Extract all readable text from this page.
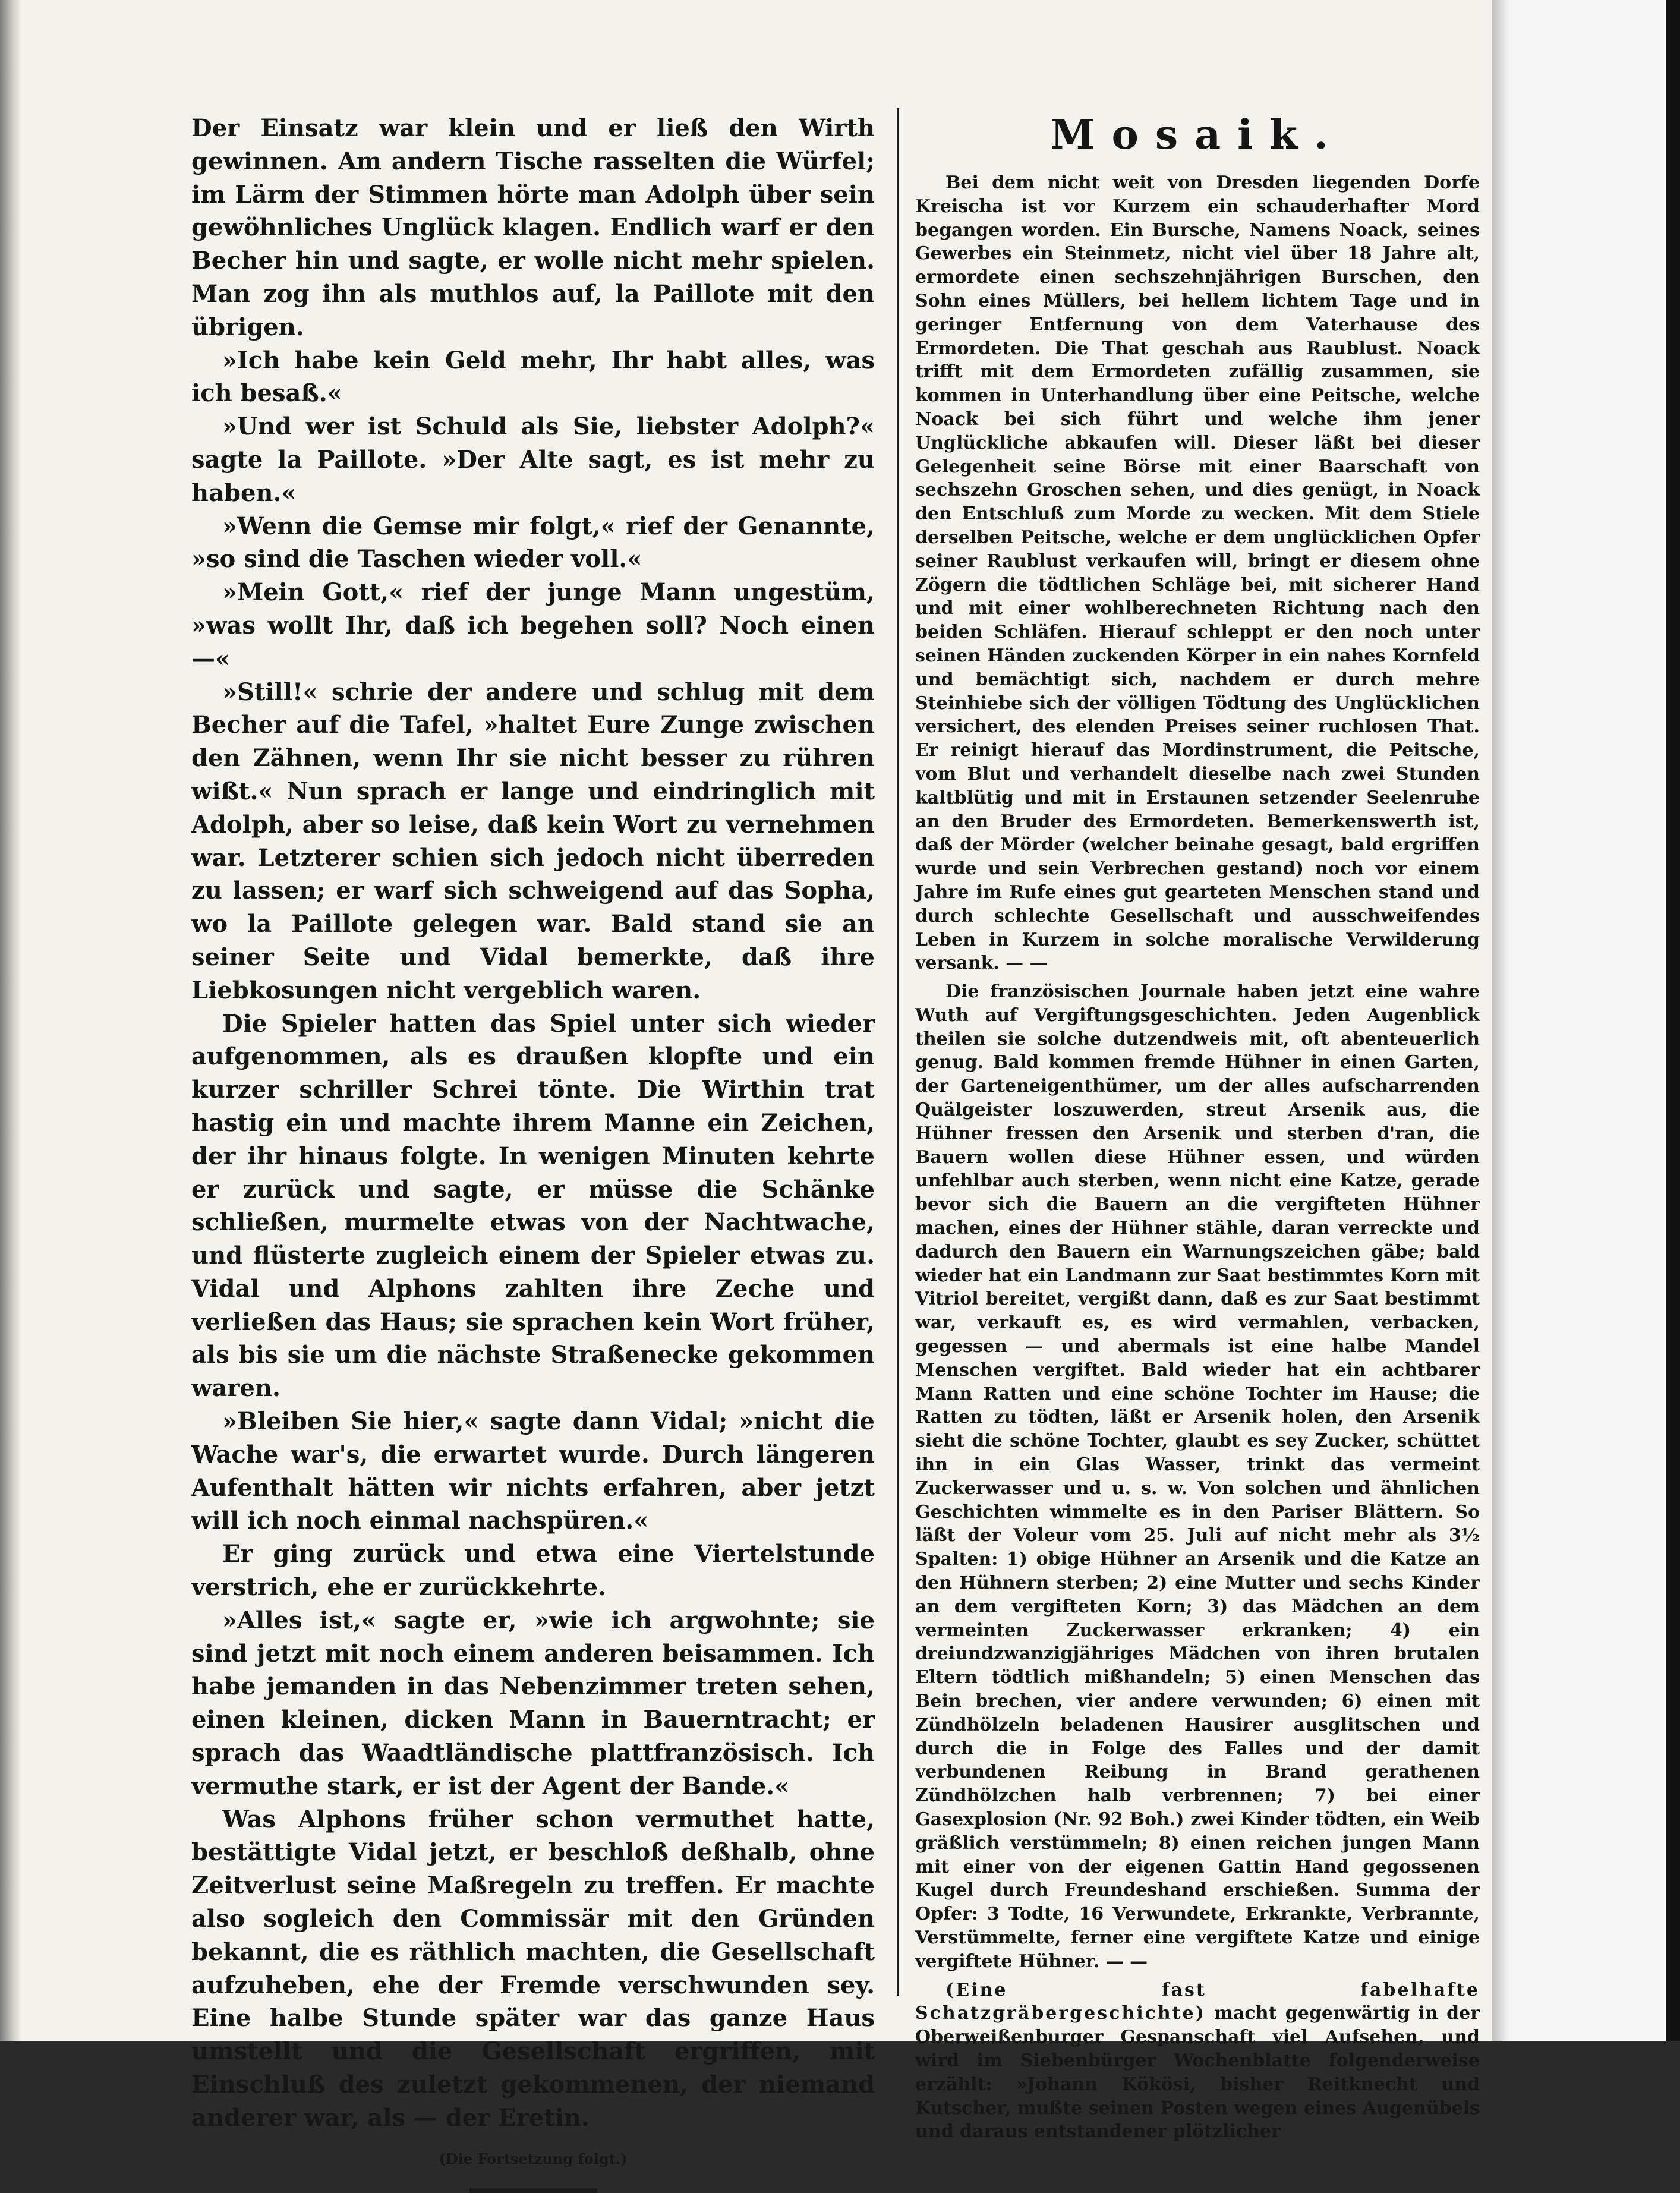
Der Einsatz war klein und er ließ den Wirth gewinnen. Am andern Tische rasselten die Würfel; im Lärm der Stimmen hörte man Adolph über sein gewöhnliches Unglück klagen. Endlich warf er den Becher hin und sagte, er wolle nicht mehr spielen. Man zog ihn als muthlos auf, la Paillote mit den übrigen.

»Ich habe kein Geld mehr, Ihr habt alles, was ich besaß.«

»Und wer ist Schuld als Sie, liebster Adolph?« sagte la Paillote. »Der Alte sagt, es ist mehr zu haben.«

»Wenn die Gemse mir folgt,« rief der Genannte, »so sind die Taschen wieder voll.«

»Mein Gott,« rief der junge Mann ungestüm, »was wollt Ihr, daß ich begehen soll? Noch einen —«

»Still!« schrie der andere und schlug mit dem Becher auf die Tafel, »haltet Eure Zunge zwischen den Zähnen, wenn Ihr sie nicht besser zu rühren wißt.« Nun sprach er lange und eindringlich mit Adolph, aber so leise, daß kein Wort zu vernehmen war. Letzterer schien sich jedoch nicht überreden zu lassen; er warf sich schweigend auf das Sopha, wo la Paillote gelegen war. Bald stand sie an seiner Seite und Vidal bemerkte, daß ihre Liebkosungen nicht vergeblich waren.

Die Spieler hatten das Spiel unter sich wieder aufgenommen, als es draußen klopfte und ein kurzer schriller Schrei tönte. Die Wirthin trat hastig ein und machte ihrem Manne ein Zeichen, der ihr hinaus folgte. In wenigen Minuten kehrte er zurück und sagte, er müsse die Schänke schließen, murmelte etwas von der Nachtwache, und flüsterte zugleich einem der Spieler etwas zu. Vidal und Alphons zahlten ihre Zeche und verließen das Haus; sie sprachen kein Wort früher, als bis sie um die nächste Straßenecke gekommen waren.

»Bleiben Sie hier,« sagte dann Vidal; »nicht die Wache war's, die erwartet wurde. Durch längeren Aufenthalt hätten wir nichts erfahren, aber jetzt will ich noch einmal nachspüren.«

Er ging zurück und etwa eine Viertelstunde verstrich, ehe er zurückkehrte.

»Alles ist,« sagte er, »wie ich argwohnte; sie sind jetzt mit noch einem anderen beisammen. Ich habe jemanden in das Nebenzimmer treten sehen, einen kleinen, dicken Mann in Bauerntracht; er sprach das Waadtländische plattfranzösisch. Ich vermuthe stark, er ist der Agent der Bande.«

Was Alphons früher schon vermuthet hatte, bestättigte Vidal jetzt, er beschloß deßhalb, ohne Zeitverlust seine Maßregeln zu treffen. Er machte also sogleich den Commissär mit den Gründen bekannt, die es räthlich machten, die Gesellschaft aufzuheben, ehe der Fremde verschwunden sey. Eine halbe Stunde später war das ganze Haus umstellt und die Gesellschaft ergriffen, mit Einschluß des zuletzt gekommenen, der niemand anderer war, als — der Eretin.

(Die Fortsetzung folgt.)

Mosaik.

Bei dem nicht weit von Dresden liegenden Dorfe Kreischa ist vor Kurzem ein schauderhafter Mord begangen worden. Ein Bursche, Namens Noack, seines Gewerbes ein Steinmetz, nicht viel über 18 Jahre alt, ermordete einen sechszehnjährigen Burschen, den Sohn eines Müllers, bei hellem lichtem Tage und in geringer Entfernung von dem Vaterhause des Ermordeten. Die That geschah aus Raublust. Noack trifft mit dem Ermordeten zufällig zusammen, sie kommen in Unterhandlung über eine Peitsche, welche Noack bei sich führt und welche ihm jener Unglückliche abkaufen will. Dieser läßt bei dieser Gelegenheit seine Börse mit einer Baarschaft von sechszehn Groschen sehen, und dies genügt, in Noack den Entschluß zum Morde zu wecken. Mit dem Stiele derselben Peitsche, welche er dem unglücklichen Opfer seiner Raublust verkaufen will, bringt er diesem ohne Zögern die tödtlichen Schläge bei, mit sicherer Hand und mit einer wohlberechneten Richtung nach den beiden Schläfen. Hierauf schleppt er den noch unter seinen Händen zuckenden Körper in ein nahes Kornfeld und bemächtigt sich, nachdem er durch mehre Steinhiebe sich der völligen Tödtung des Unglücklichen versichert, des elenden Preises seiner ruchlosen That. Er reinigt hierauf das Mordinstrument, die Peitsche, vom Blut und verhandelt dieselbe nach zwei Stunden kaltblütig und mit in Erstaunen setzender Seelenruhe an den Bruder des Ermordeten. Bemerkenswerth ist, daß der Mörder (welcher beinahe gesagt, bald ergriffen wurde und sein Verbrechen gestand) noch vor einem Jahre im Rufe eines gut gearteten Menschen stand und durch schlechte Gesellschaft und ausschweifendes Leben in Kurzem in solche moralische Verwilderung versank. — —

Die französischen Journale haben jetzt eine wahre Wuth auf Vergiftungsgeschichten. Jeden Augenblick theilen sie solche dutzendweis mit, oft abenteuerlich genug. Bald kommen fremde Hühner in einen Garten, der Garteneigenthümer, um der alles aufscharrenden Quälgeister loszuwerden, streut Arsenik aus, die Hühner fressen den Arsenik und sterben d'ran, die Bauern wollen diese Hühner essen, und würden unfehlbar auch sterben, wenn nicht eine Katze, gerade bevor sich die Bauern an die vergifteten Hühner machen, eines der Hühner stähle, daran verreckte und dadurch den Bauern ein Warnungszeichen gäbe; bald wieder hat ein Landmann zur Saat bestimmtes Korn mit Vitriol bereitet, vergißt dann, daß es zur Saat bestimmt war, verkauft es, es wird vermahlen, verbacken, gegessen — und abermals ist eine halbe Mandel Menschen vergiftet. Bald wieder hat ein achtbarer Mann Ratten und eine schöne Tochter im Hause; die Ratten zu tödten, läßt er Arsenik holen, den Arsenik sieht die schöne Tochter, glaubt es sey Zucker, schüttet ihn in ein Glas Wasser, trinkt das vermeint Zuckerwasser und u. s. w. Von solchen und ähnlichen Geschichten wimmelte es in den Pariser Blättern. So läßt der Voleur vom 25. Juli auf nicht mehr als 3½ Spalten: 1) obige Hühner an Arsenik und die Katze an den Hühnern sterben; 2) eine Mutter und sechs Kinder an dem vergifteten Korn; 3) das Mädchen an dem vermeinten Zuckerwasser erkranken; 4) ein dreiundzwanzigjähriges Mädchen von ihren brutalen Eltern tödtlich mißhandeln; 5) einen Menschen das Bein brechen, vier andere verwunden; 6) einen mit Zündhölzeln beladenen Hausirer ausglitschen und durch die in Folge des Falles und der damit verbundenen Reibung in Brand gerathenen Zündhölzchen halb verbrennen; 7) bei einer Gasexplosion (Nr. 92 Boh.) zwei Kinder tödten, ein Weib gräßlich verstümmeln; 8) einen reichen jungen Mann mit einer von der eigenen Gattin Hand gegossenen Kugel durch Freundeshand erschießen. Summa der Opfer: 3 Todte, 16 Verwundete, Erkrankte, Verbrannte, Verstümmelte, ferner eine vergiftete Katze und einige vergiftete Hühner. — —

(Eine fast fabelhafte Schatzgräbergeschichte) macht gegenwärtig in der Oberweißenburger Gespanschaft viel Aufsehen, und wird im Siebenbürger Wochenblatte folgenderweise erzählt: »Johann Kökösi, bisher Reitknecht und Kutscher, mußte seinen Posten wegen eines Augenübels und daraus entstandener plötzlicher
